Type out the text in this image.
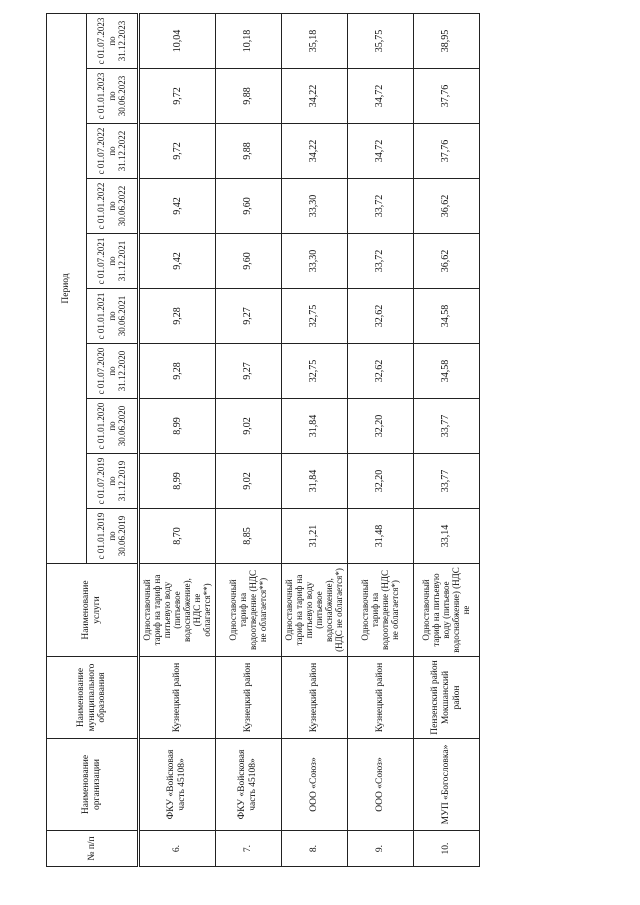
№ п/п	Наименование организации	Наименование муниципального образования	Наименование услуги	Период									
				с 01.01.2019 по 30.06.2019	с 01.07.2019 по 31.12.2019	с 01.01.2020 по 30.06.2020	с 01.07.2020 по 31.12.2020	с 01.01.2021 по 30.06.2021	с 01.07.2021 по 31.12.2021	с 01.01.2022 по 30.06.2022	с 01.07.2022 по 31.12.2022	с 01.01.2023 по 30.06.2023	с 01.07.2023 по 31.12.2023
6.	ФКУ «Войсковая часть 45108»	Кузнецкий район	Одноставочный тариф на тариф на питьевую воду (питьевое водоснабжение), (НДС не облагается**)	8,70	8,99	8,99	9,28	9,28	9,42	9,42	9,72	9,72	10,04
7.	ФКУ «Войсковая часть 45108»	Кузнецкий район	Одноставочный тариф на водоотведение (НДС не облагается**)	8,85	9,02	9,02	9,27	9,27	9,60	9,60	9,88	9,88	10,18
8.	ООО «Союз»	Кузнецкий район	Одноставочный тариф на тариф на питьевую воду (питьевое водоснабжение), (НДС не облагается*)	31,21	31,84	31,84	32,75	32,75	33,30	33,30	34,22	34,22	35,18
9.	ООО «Союз»	Кузнецкий район	Одноставочный тариф на водоотведение (НДС не облагается*)	31,48	32,20	32,20	32,62	32,62	33,72	33,72	34,72	34,72	35,75
10.	МУП «Богословка»	Пензенский район Мокшанский район	Одноставочный тариф на питьевую воду (питьевое водоснабжение) (НДС не	33,14	33,77	33,77	34,58	34,58	36,62	36,62	37,76	37,76	38,95
